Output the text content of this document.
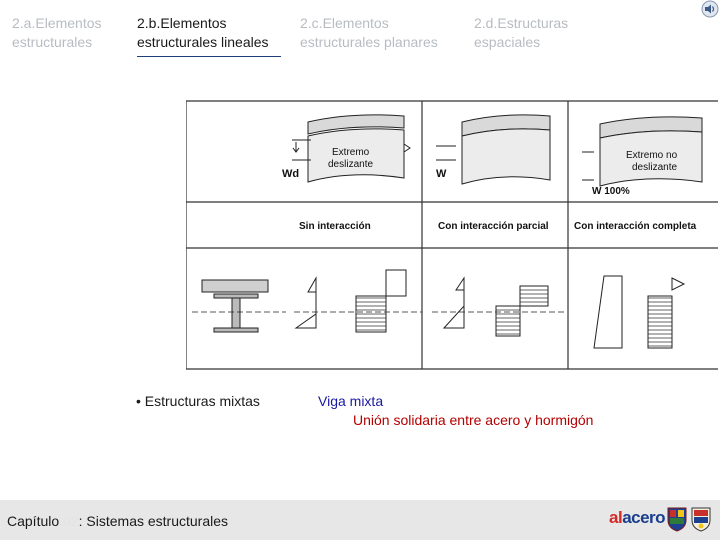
2.a.Elementos
estructurales
2.b.Elementos
estructurales lineales
2.c.Elementos
estructurales planares
2.d.Estructuras
espaciales
Wd
Extremo deslizante
W
Extremo no deslizante
W 100%
Sin interacción	Con interacción parcial	Con interacción completa
• Estructuras mixtas	Viga mixta
Unión solidaria entre acero y hormigón
Capítulo 02: Sistemas estructurales	alacero
